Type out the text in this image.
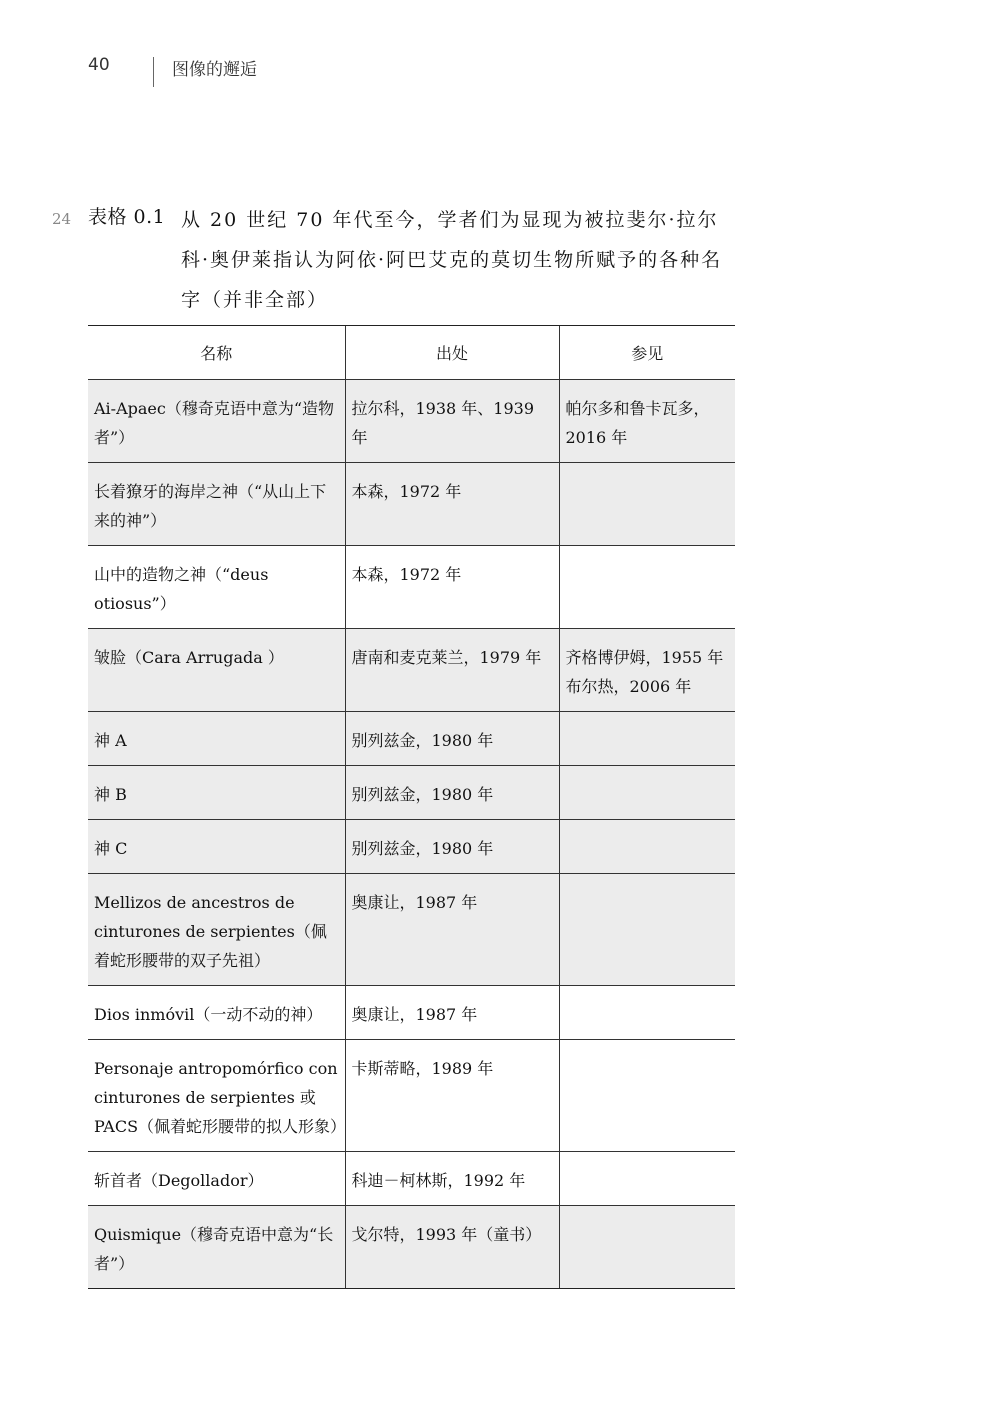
40	图像的邂逅
24 表格 0.1 从 20 世纪 70 年代至今，学者们为显现为被拉斐尔·拉尔科·奥伊莱指认为阿依·阿巴艾克的莫切生物所赋予的各种名字（并非全部）
名称	出处	参见
Ai-Apaec（穆奇克语中意为“造物者”）	拉尔科，1938 年、1939 年	帕尔多和鲁卡瓦多，2016 年
长着獠牙的海岸之神（“从山上下来的神”）	本森，1972 年	
山中的造物之神（“deus otiosus”）	本森，1972 年	
皱脸（Cara Arrugada ）	唐南和麦克莱兰，1979 年	齐格博伊姆，1955 年 布尔热，2006 年
神 A	别列兹金，1980 年	
神 B	别列兹金，1980 年	
神 C	别列兹金，1980 年	
Mellizos de ancestros de cinturones de serpientes（佩着蛇形腰带的双子先祖）	奥康让，1987 年	
Dios inmóvil（一动不动的神）	奥康让，1987 年	
Personaje antropomórfico con cinturones de serpientes 或 PACS（佩着蛇形腰带的拟人形象）	卡斯蒂略，1989 年	
斩首者（Degollador）	科迪－柯林斯，1992 年	
Quismique（穆奇克语中意为“长者”）	戈尔特，1993 年（童书）	
